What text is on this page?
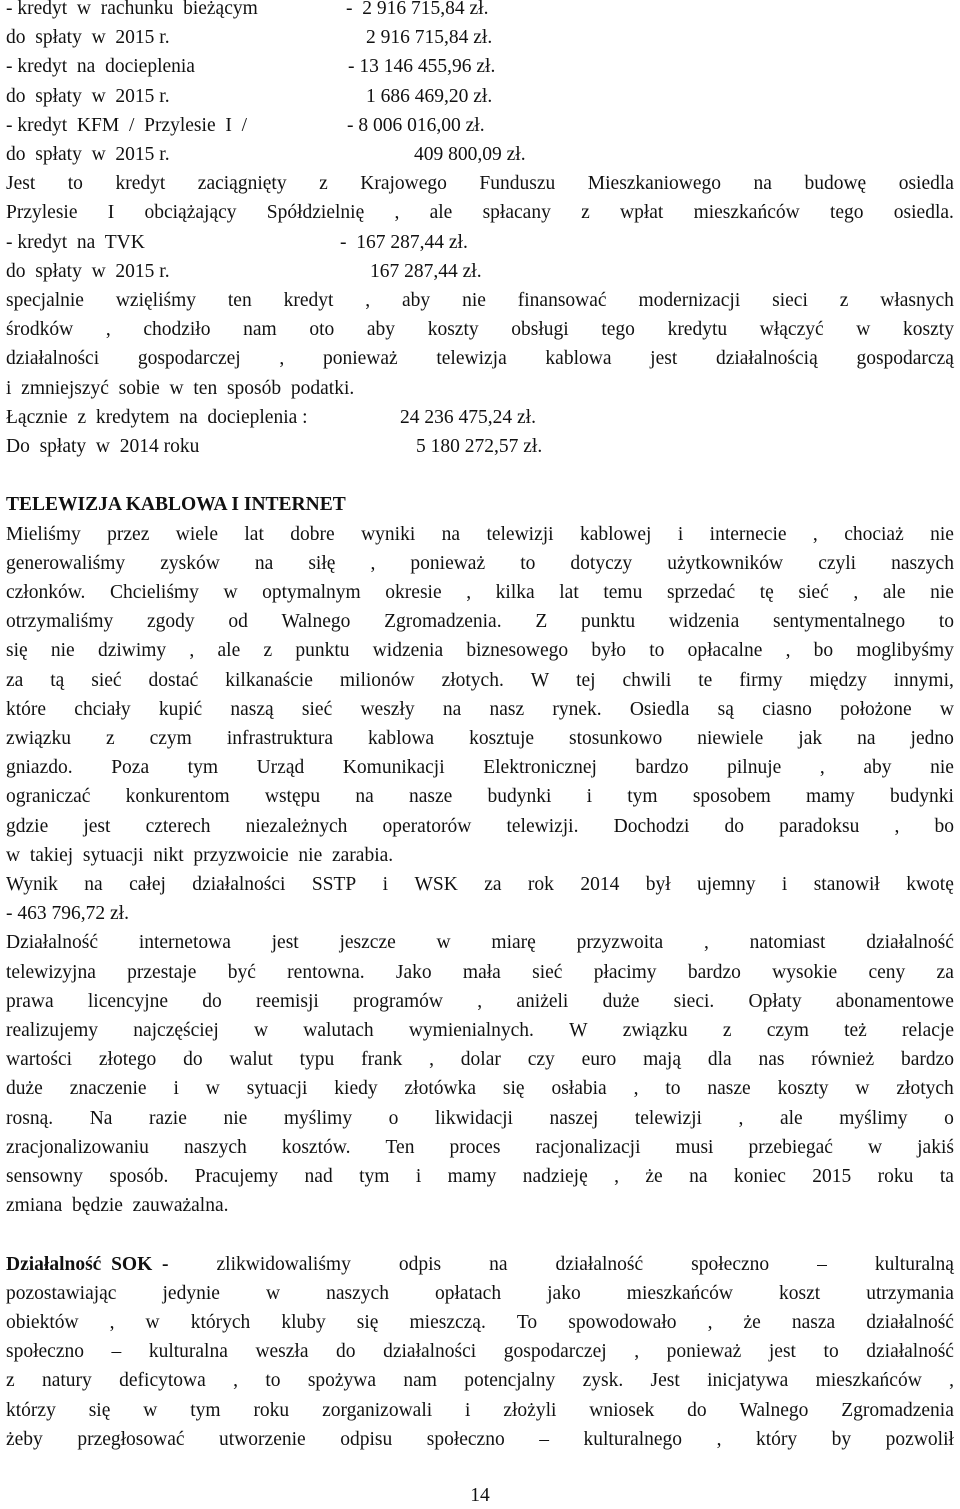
- kredyt  w  rachunku  bieżącym	-  2 916 715,84 zł.
do  spłaty  w  2015 r.	2 916 715,84 zł.
- kredyt  na  docieplenia	- 13 146 455,96 zł.
do  spłaty  w  2015 r.	1 686 469,20 zł.
- kredyt  KFM  /  Przylesie  I  /	- 8 006 016,00 zł.
do  spłaty  w  2015 r.	409 800,09 zł.
Jest to kredyt zaciągnięty z Krajowego Funduszu Mieszkaniowego na budowę osiedla
Przylesie I obciążający Spółdzielnię , ale spłacany z wpłat mieszkańców tego osiedla.
- kredyt  na  TVK	-  167 287,44 zł.
do  spłaty  w  2015 r.	167 287,44 zł.
specjalnie wzięliśmy ten kredyt , aby nie finansować modernizacji sieci z własnych
środków , chodziło nam oto aby koszty obsługi tego kredytu włączyć w koszty
działalności gospodarczej , ponieważ telewizja kablowa jest działalnością gospodarczą
i  zmniejszyć  sobie  w  ten  sposób  podatki.
Łącznie  z  kredytem  na  docieplenia :	24 236 475,24 zł.
Do  spłaty  w  2014 roku	5 180 272,57 zł.
TELEWIZJA KABLOWA I INTERNET
Mieliśmy przez wiele lat dobre wyniki na telewizji kablowej i internecie , chociaż nie
generowaliśmy zysków na siłę , ponieważ to dotyczy użytkowników czyli naszych
członków. Chcieliśmy w optymalnym okresie , kilka lat temu sprzedać tę sieć , ale nie
otrzymaliśmy zgody od Walnego Zgromadzenia. Z punktu widzenia sentymentalnego to
się nie dziwimy , ale z punktu widzenia biznesowego było to opłacalne , bo moglibyśmy
za tą sieć dostać kilkanaście milionów złotych. W tej chwili te firmy między innymi,
które chciały kupić naszą sieć weszły na nasz rynek. Osiedla są ciasno położone w
związku z czym infrastruktura kablowa kosztuje stosunkowo niewiele jak na jedno
gniazdo. Poza tym Urząd Komunikacji Elektronicznej bardzo pilnuje , aby nie
ograniczać konkurentom wstępu na nasze budynki i tym sposobem mamy budynki
gdzie jest czterech niezależnych operatorów telewizji. Dochodzi do paradoksu , bo
w  takiej  sytuacji  nikt  przyzwoicie  nie  zarabia.
Wynik na całej działalności SSTP i WSK za rok 2014 był ujemny i stanowił kwotę
- 463 796,72 zł.
Działalność internetowa jest jeszcze w miarę przyzwoita , natomiast działalność
telewizyjna przestaje być rentowna. Jako mała sieć płacimy bardzo wysokie ceny za
prawa licencyjne do reemisji programów , aniżeli duże sieci. Opłaty abonamentowe
realizujemy najczęściej w walutach wymienialnych. W związku z czym też relacje
wartości złotego do walut typu frank , dolar czy euro mają dla nas również bardzo
duże znaczenie i w sytuacji kiedy złotówka się osłabia , to nasze koszty w złotych
rosną. Na razie nie myślimy o likwidacji naszej telewizji , ale myślimy o
zracjonalizowaniu naszych kosztów. Ten proces racjonalizacji musi przebiegać w jakiś
sensowny sposób. Pracujemy nad tym i mamy nadzieję , że na koniec 2015 roku ta
zmiana  będzie  zauważalna.
Działalność  SOK  - zlikwidowaliśmy odpis na działalność społeczno – kulturalną
pozostawiając jedynie w naszych opłatach jako mieszkańców koszt utrzymania
obiektów , w których kluby się mieszczą. To spowodowało , że nasza działalność
społeczno – kulturalna weszła do działalności gospodarczej , ponieważ jest to działalność
z natury deficytowa , to spożywa nam potencjalny zysk. Jest inicjatywa mieszkańców ,
którzy się w tym roku zorganizowali i złożyli wniosek do Walnego Zgromadzenia
żeby przegłosować utworzenie odpisu społeczno – kulturalnego , który by pozwolił
14
